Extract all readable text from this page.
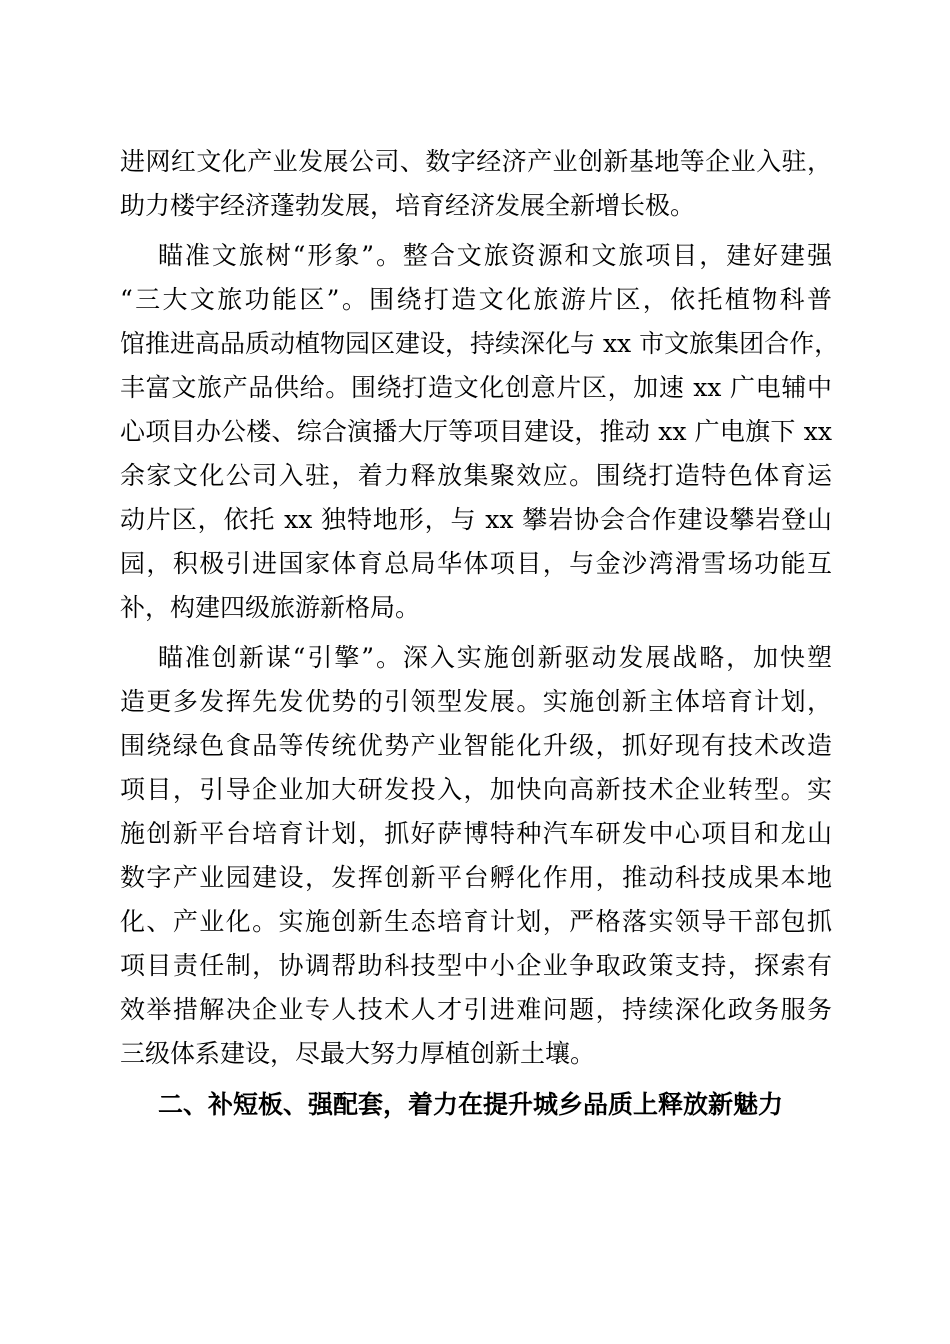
进网红文化产业发展公司、数字经济产业创新基地等企业入驻，
助力楼宇经济蓬勃发展，培育经济发展全新增长极。
瞄准文旅树“形象”。整合文旅资源和文旅项目，建好建强
“三大文旅功能区”。围绕打造文化旅游片区，依托植物科普
馆推进高品质动植物园区建设，持续深化与 xx 市文旅集团合作，
丰富文旅产品供给。围绕打造文化创意片区，加速 xx 广电辅中
心项目办公楼、综合演播大厅等项目建设，推动 xx 广电旗下 xx
余家文化公司入驻，着力释放集聚效应。围绕打造特色体育运
动片区，依托 xx 独特地形，与 xx 攀岩协会合作建设攀岩登山
园，积极引进国家体育总局华体项目，与金沙湾滑雪场功能互
补，构建四级旅游新格局。
瞄准创新谋“引擎”。深入实施创新驱动发展战略，加快塑
造更多发挥先发优势的引领型发展。实施创新主体培育计划，
围绕绿色食品等传统优势产业智能化升级，抓好现有技术改造
项目，引导企业加大研发投入，加快向高新技术企业转型。实
施创新平台培育计划，抓好萨博特种汽车研发中心项目和龙山
数字产业园建设，发挥创新平台孵化作用，推动科技成果本地
化、产业化。实施创新生态培育计划，严格落实领导干部包抓
项目责任制，协调帮助科技型中小企业争取政策支持，探索有
效举措解决企业专人技术人才引进难问题，持续深化政务服务
三级体系建设，尽最大努力厚植创新土壤。
二、补短板、强配套，着力在提升城乡品质上释放新魅力
